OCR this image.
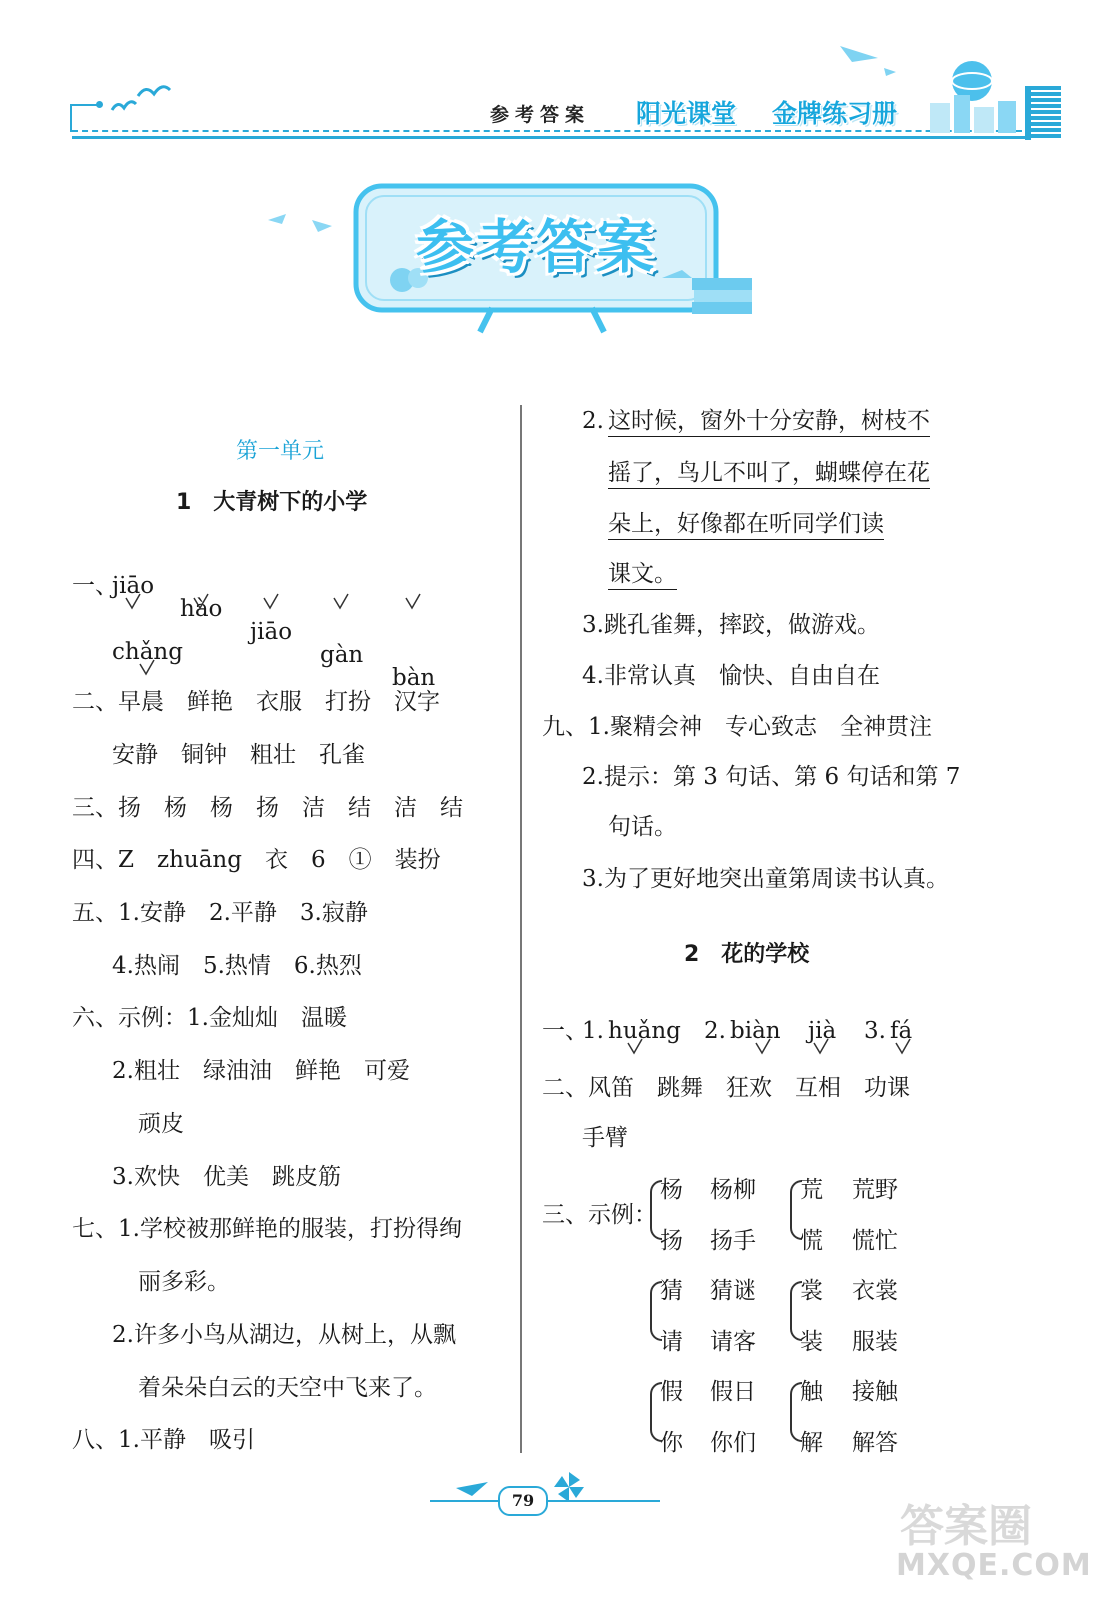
参考答案 阳光课堂 金牌练习册
参考答案
第一单元
1　大青树下的小学
一、
jiāo
hào
jiāo
gàn
bàn
chǎng
二、早晨　鲜艳　衣服　打扮　汉字
安静　铜钟　粗壮　孔雀
三、扬　杨　杨　扬　洁　结　洁　结
四、Z　zhuāng　衣　6　①　装扮
五、1.安静　2.平静　3.寂静
4.热闹　5.热情　6.热烈
六、示例：1.金灿灿　温暖
2.粗壮　绿油油　鲜艳　可爱
顽皮
3.欢快　优美　跳皮筋
七、1.学校被那鲜艳的服装，打扮得绚
丽多彩。
2.许多小鸟从湖边，从树上，从飘
着朵朵白云的天空中飞来了。
八、1.平静　吸引
2. 这时候，窗外十分安静，树枝不
摇了，鸟儿不叫了，蝴蝶停在花
朵上，好像都在听同学们读
课文。
3.跳孔雀舞，摔跤，做游戏。
4.非常认真　愉快、自由自在
九、1.聚精会神　专心致志　全神贯注
2.提示：第 3 句话、第 6 句话和第 7
句话。
3.为了更好地突出童第周读书认真。
2　花的学校
一、
1. huǎng 2. biàn jià 3. fá
二、风笛　跳舞　狂欢　互相　功课
手臂
三、示例：
杨 杨柳
扬 扬手
荒 荒野
慌 慌忙
猜 猜谜
请 请客
裳 衣裳
装 服装
假 假日
你 你们
触 接触
解 解答
79
答案圈
MXQE.COM
